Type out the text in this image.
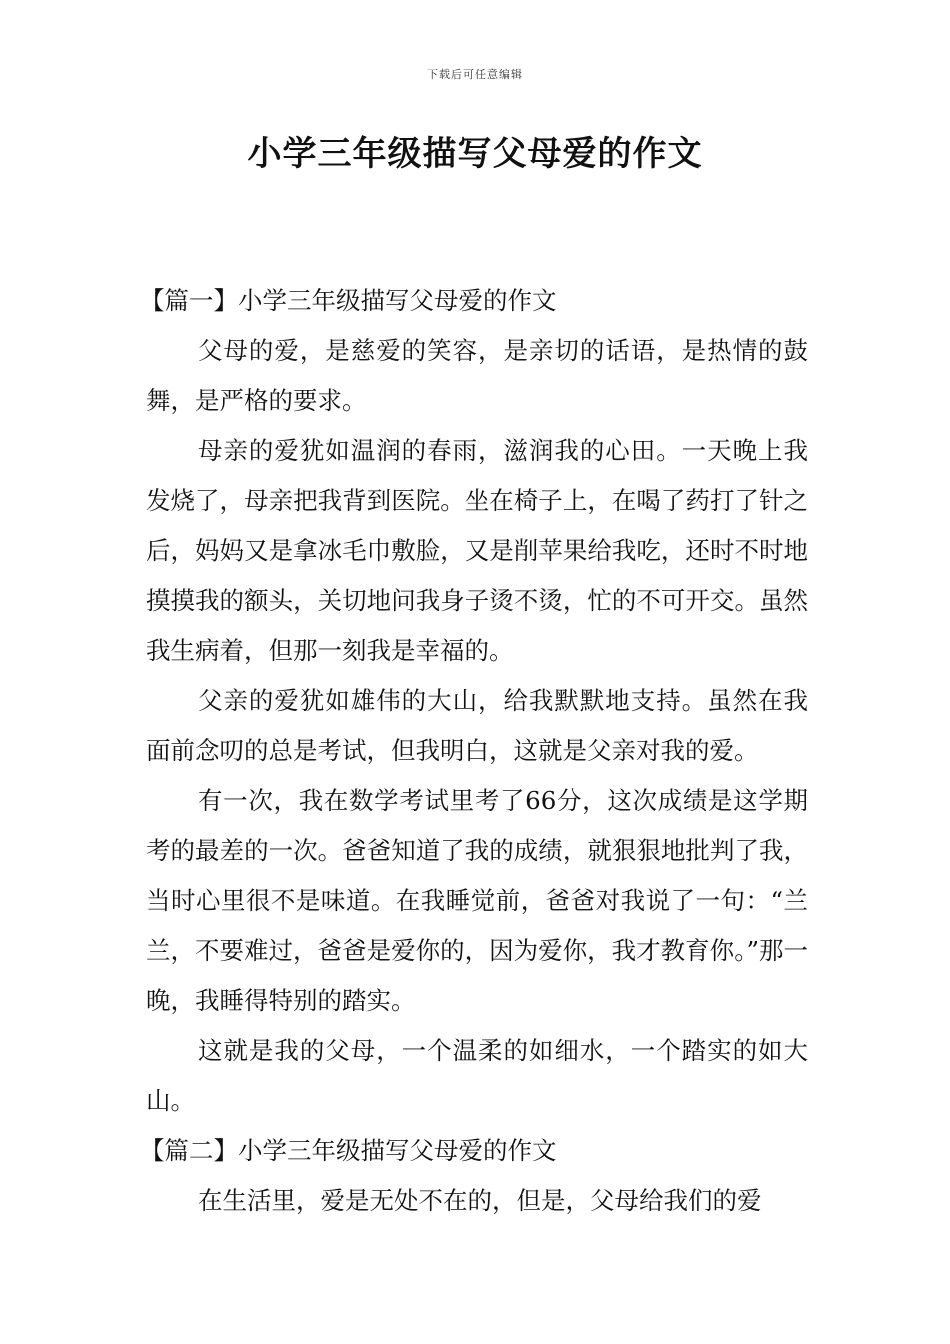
下载后可任意编辑
小学三年级描写父母爱的作文

【篇一】小学三年级描写父母爱的作文

父母的爱，是慈爱的笑容，是亲切的话语，是热情的鼓舞，是严格的要求。

母亲的爱犹如温润的春雨，滋润我的心田。一天晚上我发烧了，母亲把我背到医院。坐在椅子上，在喝了药打了针之后，妈妈又是拿冰毛巾敷脸，又是削苹果给我吃，还时不时地摸摸我的额头，关切地问我身子烫不烫，忙的不可开交。虽然我生病着，但那一刻我是幸福的。

父亲的爱犹如雄伟的大山，给我默默地支持。虽然在我面前念叨的总是考试，但我明白，这就是父亲对我的爱。

有一次，我在数学考试里考了66分，这次成绩是这学期考的最差的一次。爸爸知道了我的成绩，就狠狠地批判了我，当时心里很不是味道。在我睡觉前，爸爸对我说了一句：“兰兰，不要难过，爸爸是爱你的，因为爱你，我才教育你。”那一晚，我睡得特别的踏实。

这就是我的父母，一个温柔的如细水，一个踏实的如大山。

【篇二】小学三年级描写父母爱的作文

在生活里，爱是无处不在的，但是，父母给我们的爱
